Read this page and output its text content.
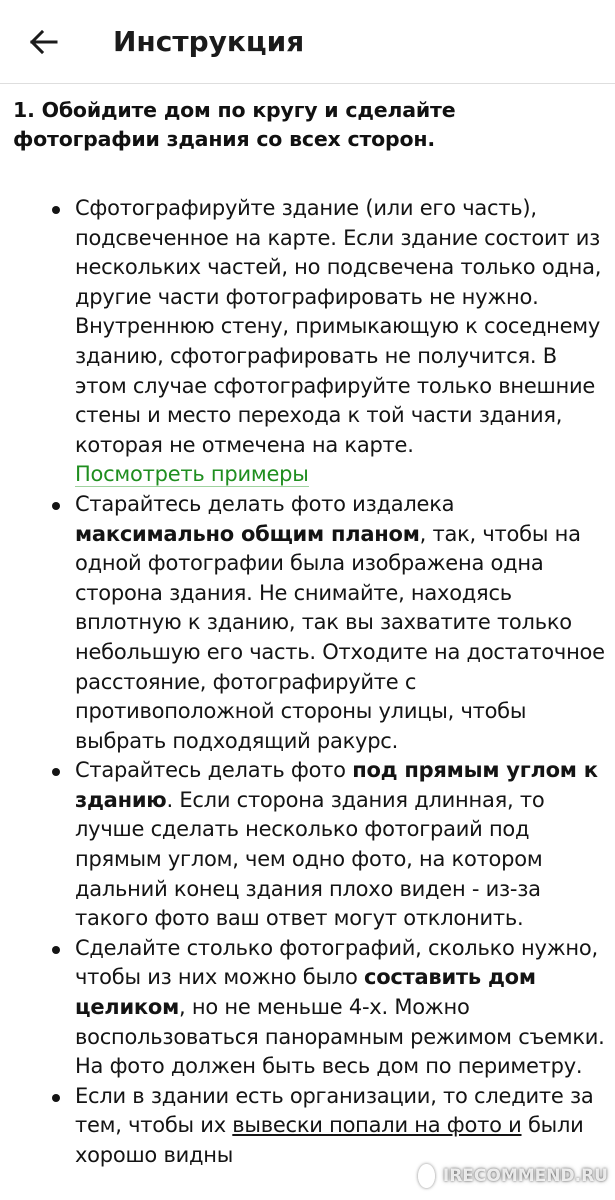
Инструкция
1. Обойдите дом по кругу и сделайте фотографии здания со всех сторон.
Сфотографируйте здание (или его часть), подсвеченное на карте. Если здание состоит из нескольких частей, но подсвечена только одна, другие части фотографировать не нужно. Внутреннюю стену, примыкающую к соседнему зданию, сфотографировать не получится. В этом случае сфотографируйте только внешние стены и место перехода к той части здания, которая не отмечена на карте.
Посмотреть примеры
Старайтесь делать фото издалека максимально общим планом, так, чтобы на одной фотографии была изображена одна сторона здания. Не снимайте, находясь вплотную к зданию, так вы захватите только небольшую его часть. Отходите на достаточное расстояние, фотографируйте с противоположной стороны улицы, чтобы выбрать подходящий ракурс.
Старайтесь делать фото под прямым углом к зданию. Если сторона здания длинная, то лучше сделать несколько фотограий под прямым углом, чем одно фото, на котором дальний конец здания плохо виден - из-за такого фото ваш ответ могут отклонить.
Сделайте столько фотографий, сколько нужно, чтобы из них можно было составить дом целиком, но не меньше 4-х. Можно воспользоваться панорамным режимом съемки. На фото должен быть весь дом по периметру.
Если в здании есть организации, то следите за тем, чтобы их вывески попали на фото и были хорошо видны
IRECOMMEND.RU
